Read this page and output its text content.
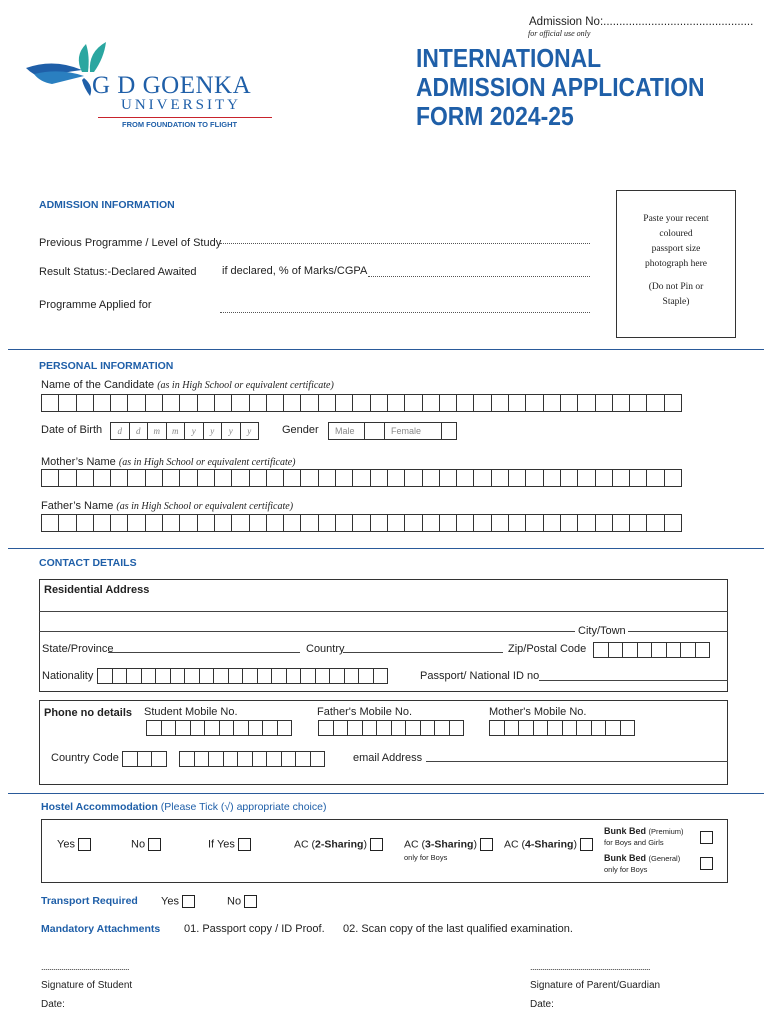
Admission No:...............................................
for official use only
INTERNATIONAL
ADMISSION APPLICATION
FORM 2024-25
G D GOENKA
UNIVERSITY
FROM FOUNDATION TO FLIGHT
Paste your recent
coloured
passport size
photograph here
(Do not Pin or
Staple)
ADMISSION INFORMATION
Previous Programme / Level of Study
Result Status:-Declared Awaited if declared, % of Marks/CGPA
Programme Applied for
PERSONAL INFORMATION
Name of the Candidate (as in High School or equivalent certificate)
Date of Birth	d	d	m	m	y	y	y	y	Gender	Male	Female
Mother’s Name (as in High School or equivalent certificate)
Father’s Name (as in High School or equivalent certificate)
CONTACT DETAILS
Residential Address
City/Town
State/Province	Country	Zip/Postal Code
Nationality	Passport/ National ID no
Phone no details Student Mobile No.	Father's Mobile No.	Mother's Mobile No.
Country Code	email Address
Hostel Accommodation (Please Tick (√) appropriate choice)
Yes	No	If Yes	AC (2-Sharing)	AC (3-Sharing)
only for Boys
AC (4-Sharing)
Bunk Bed (Premium)
for Boys and Girls
Bunk Bed (General)
only for Boys
Transport Required Yes	No
Mandatory Attachments 01. Passport copy / ID Proof. 02. Scan copy of the last qualified examination.
............................................
Signature of Student
Date:
............................................................
Signature of Parent/Guardian
Date:
